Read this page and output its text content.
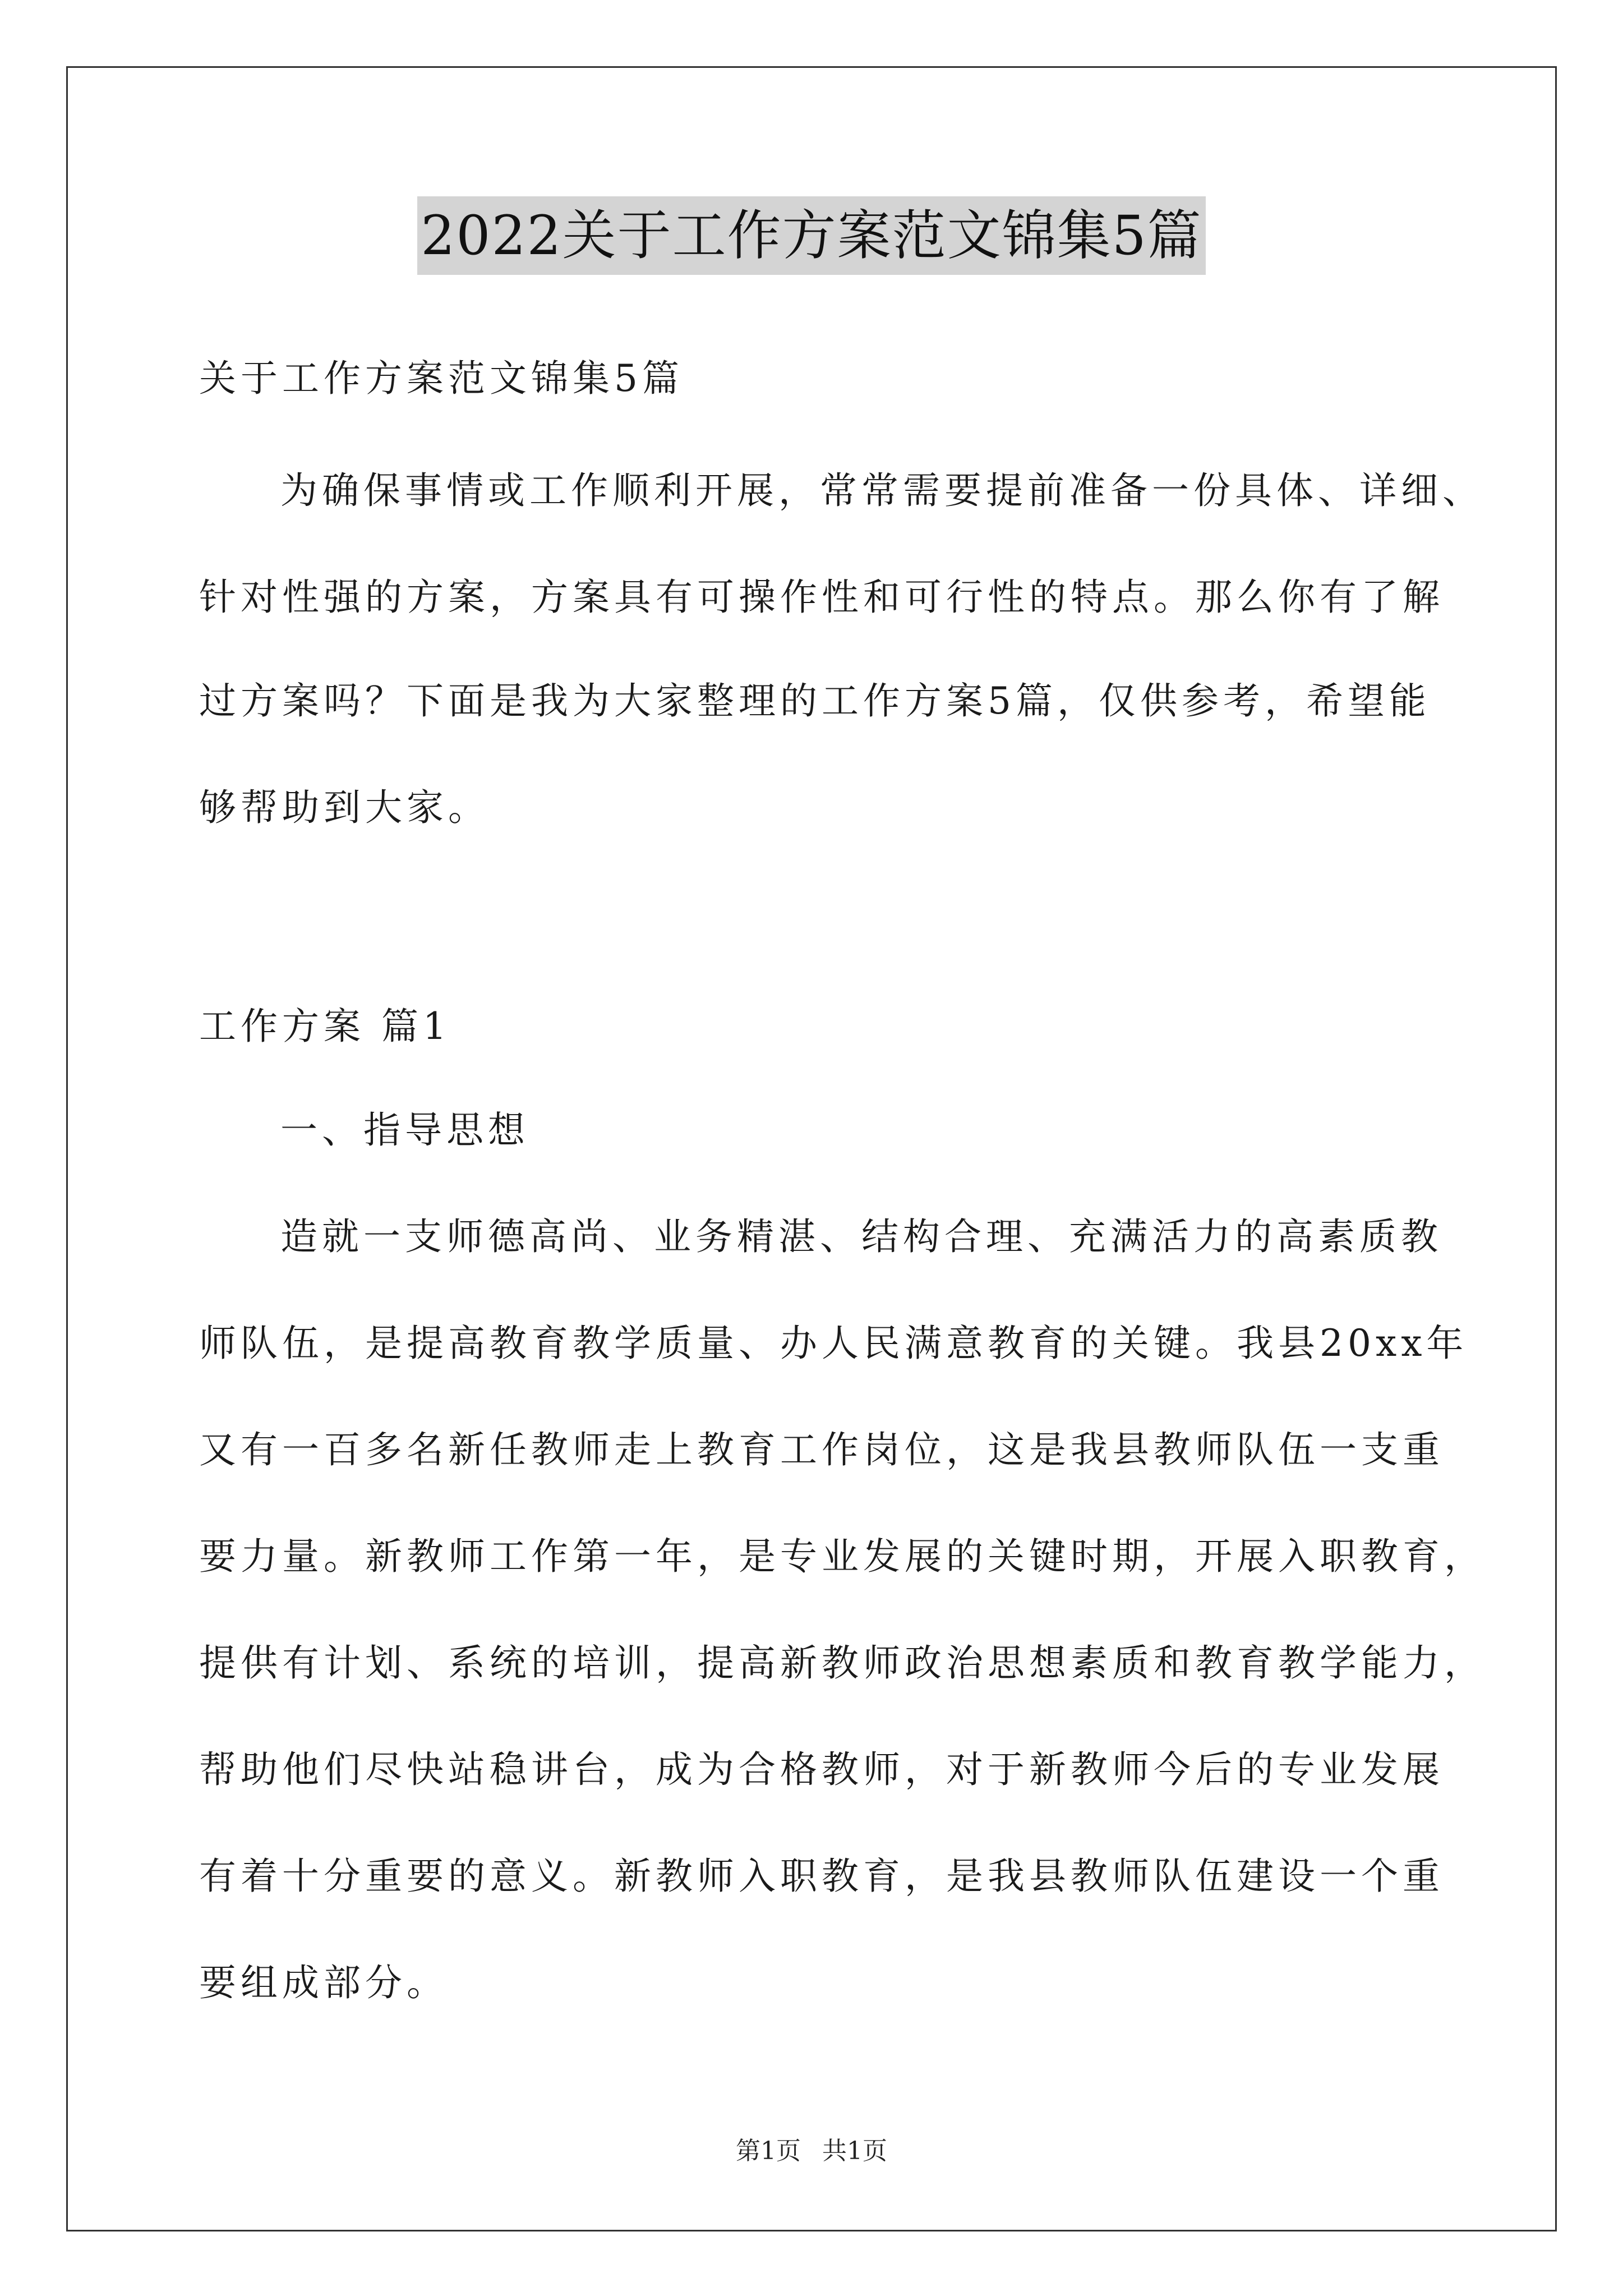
2022关于工作方案范文锦集5篇
关于工作方案范文锦集5篇
为确保事情或工作顺利开展，常常需要提前准备一份具体、详细、
针对性强的方案，方案具有可操作性和可行性的特点。那么你有了解
过方案吗？下面是我为大家整理的工作方案5篇，仅供参考，希望能
够帮助到大家。
工作方案 篇1
一、指导思想
造就一支师德高尚、业务精湛、结构合理、充满活力的高素质教
师队伍，是提高教育教学质量、办人民满意教育的关键。我县20xx年
又有一百多名新任教师走上教育工作岗位，这是我县教师队伍一支重
要力量。新教师工作第一年，是专业发展的关键时期，开展入职教育，
提供有计划、系统的培训，提高新教师政治思想素质和教育教学能力，
帮助他们尽快站稳讲台，成为合格教师，对于新教师今后的专业发展
有着十分重要的意义。新教师入职教育，是我县教师队伍建设一个重
要组成部分。
第1页 共1页
